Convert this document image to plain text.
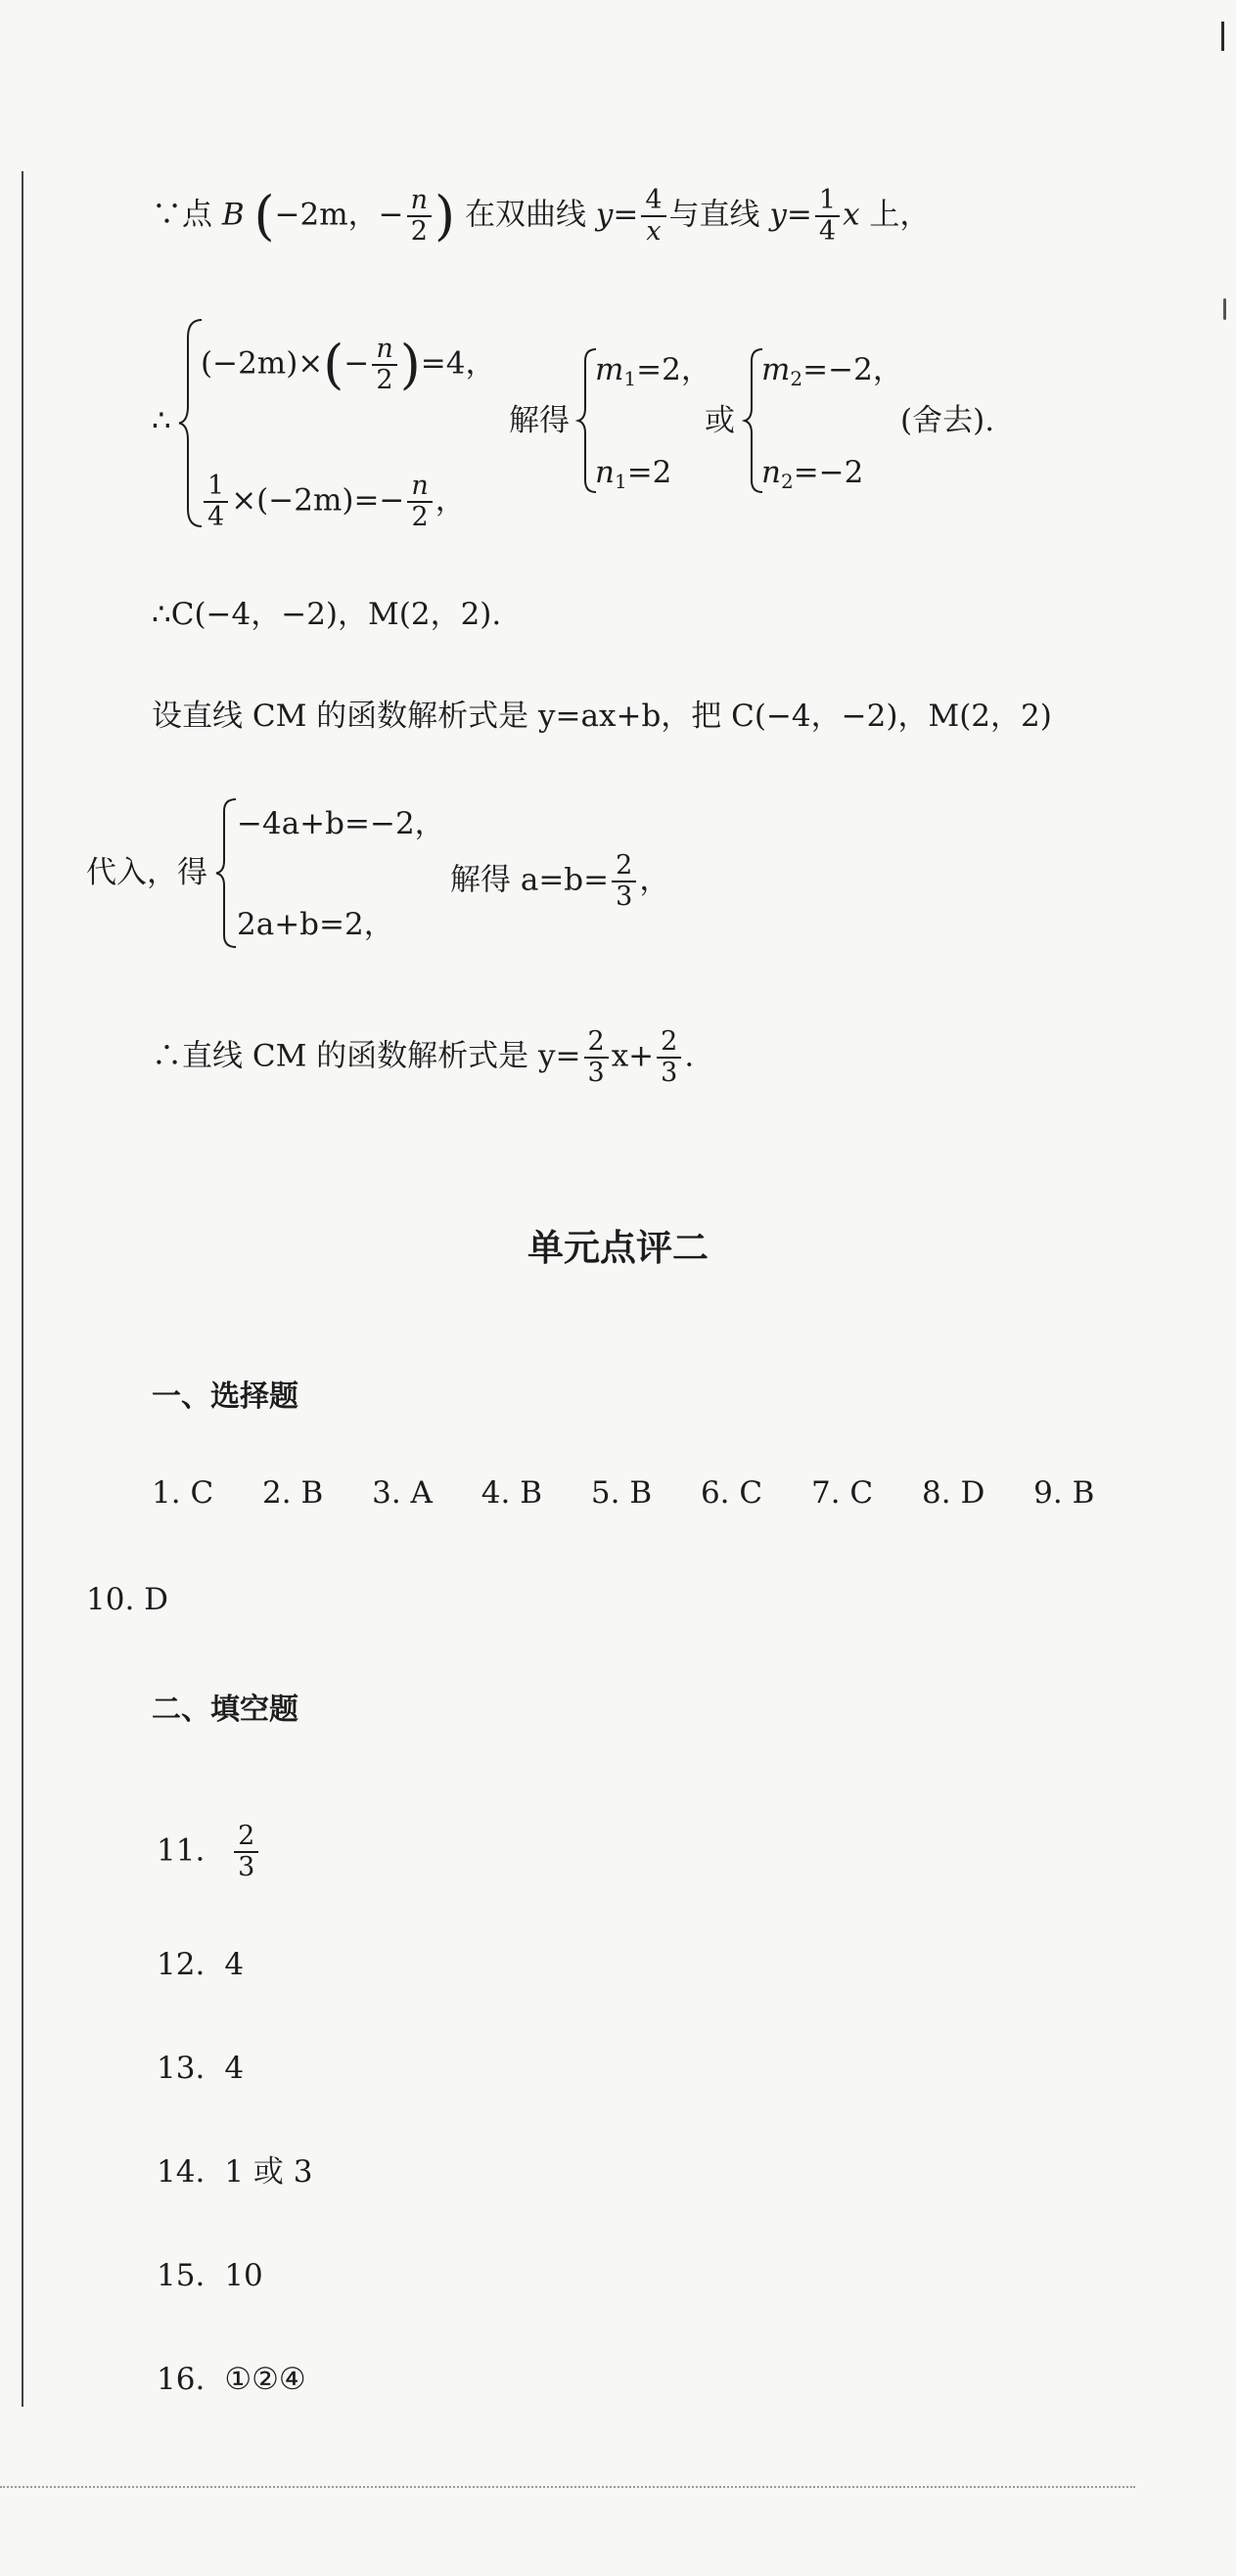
∵点 B (−2m，− $\frac{n}{2}$ ) 在双曲线 $y= \frac{4}{x}$ 与直线 $y= \frac{1}{4}$ x 上，
∴
$(-2m)\times(- \frac{n}{2} )=4$，
$\frac{1}{4} \times(-2m)=- \frac{n}{2}$ ，
解得
$m_1=2$，
$n_1=2$
或
$m_2=-2$，
$n_2=-2$
(舍去).
∴C(−4，−2)，M(2，2).
设直线 CM 的函数解析式是 y=ax+b，把 C(−4，−2)，M(2，2)
代入，得
−4a+b=−2，
2a+b=2，
解得 $a=b= \frac{2}{3}$ ，
∴直线 CM 的函数解析式是 $y= \frac{2}{3} x+ \frac{2}{3}$ .
单元点评二
一、选择题
1. C 2. B 3. A 4. B 5. B 6. C 7. C 8. D 9. B
10. D
二、填空题
11. $\frac{2}{3}$
12. 4
13. 4
14. 1 或 3
15. 10
16. ①②④
